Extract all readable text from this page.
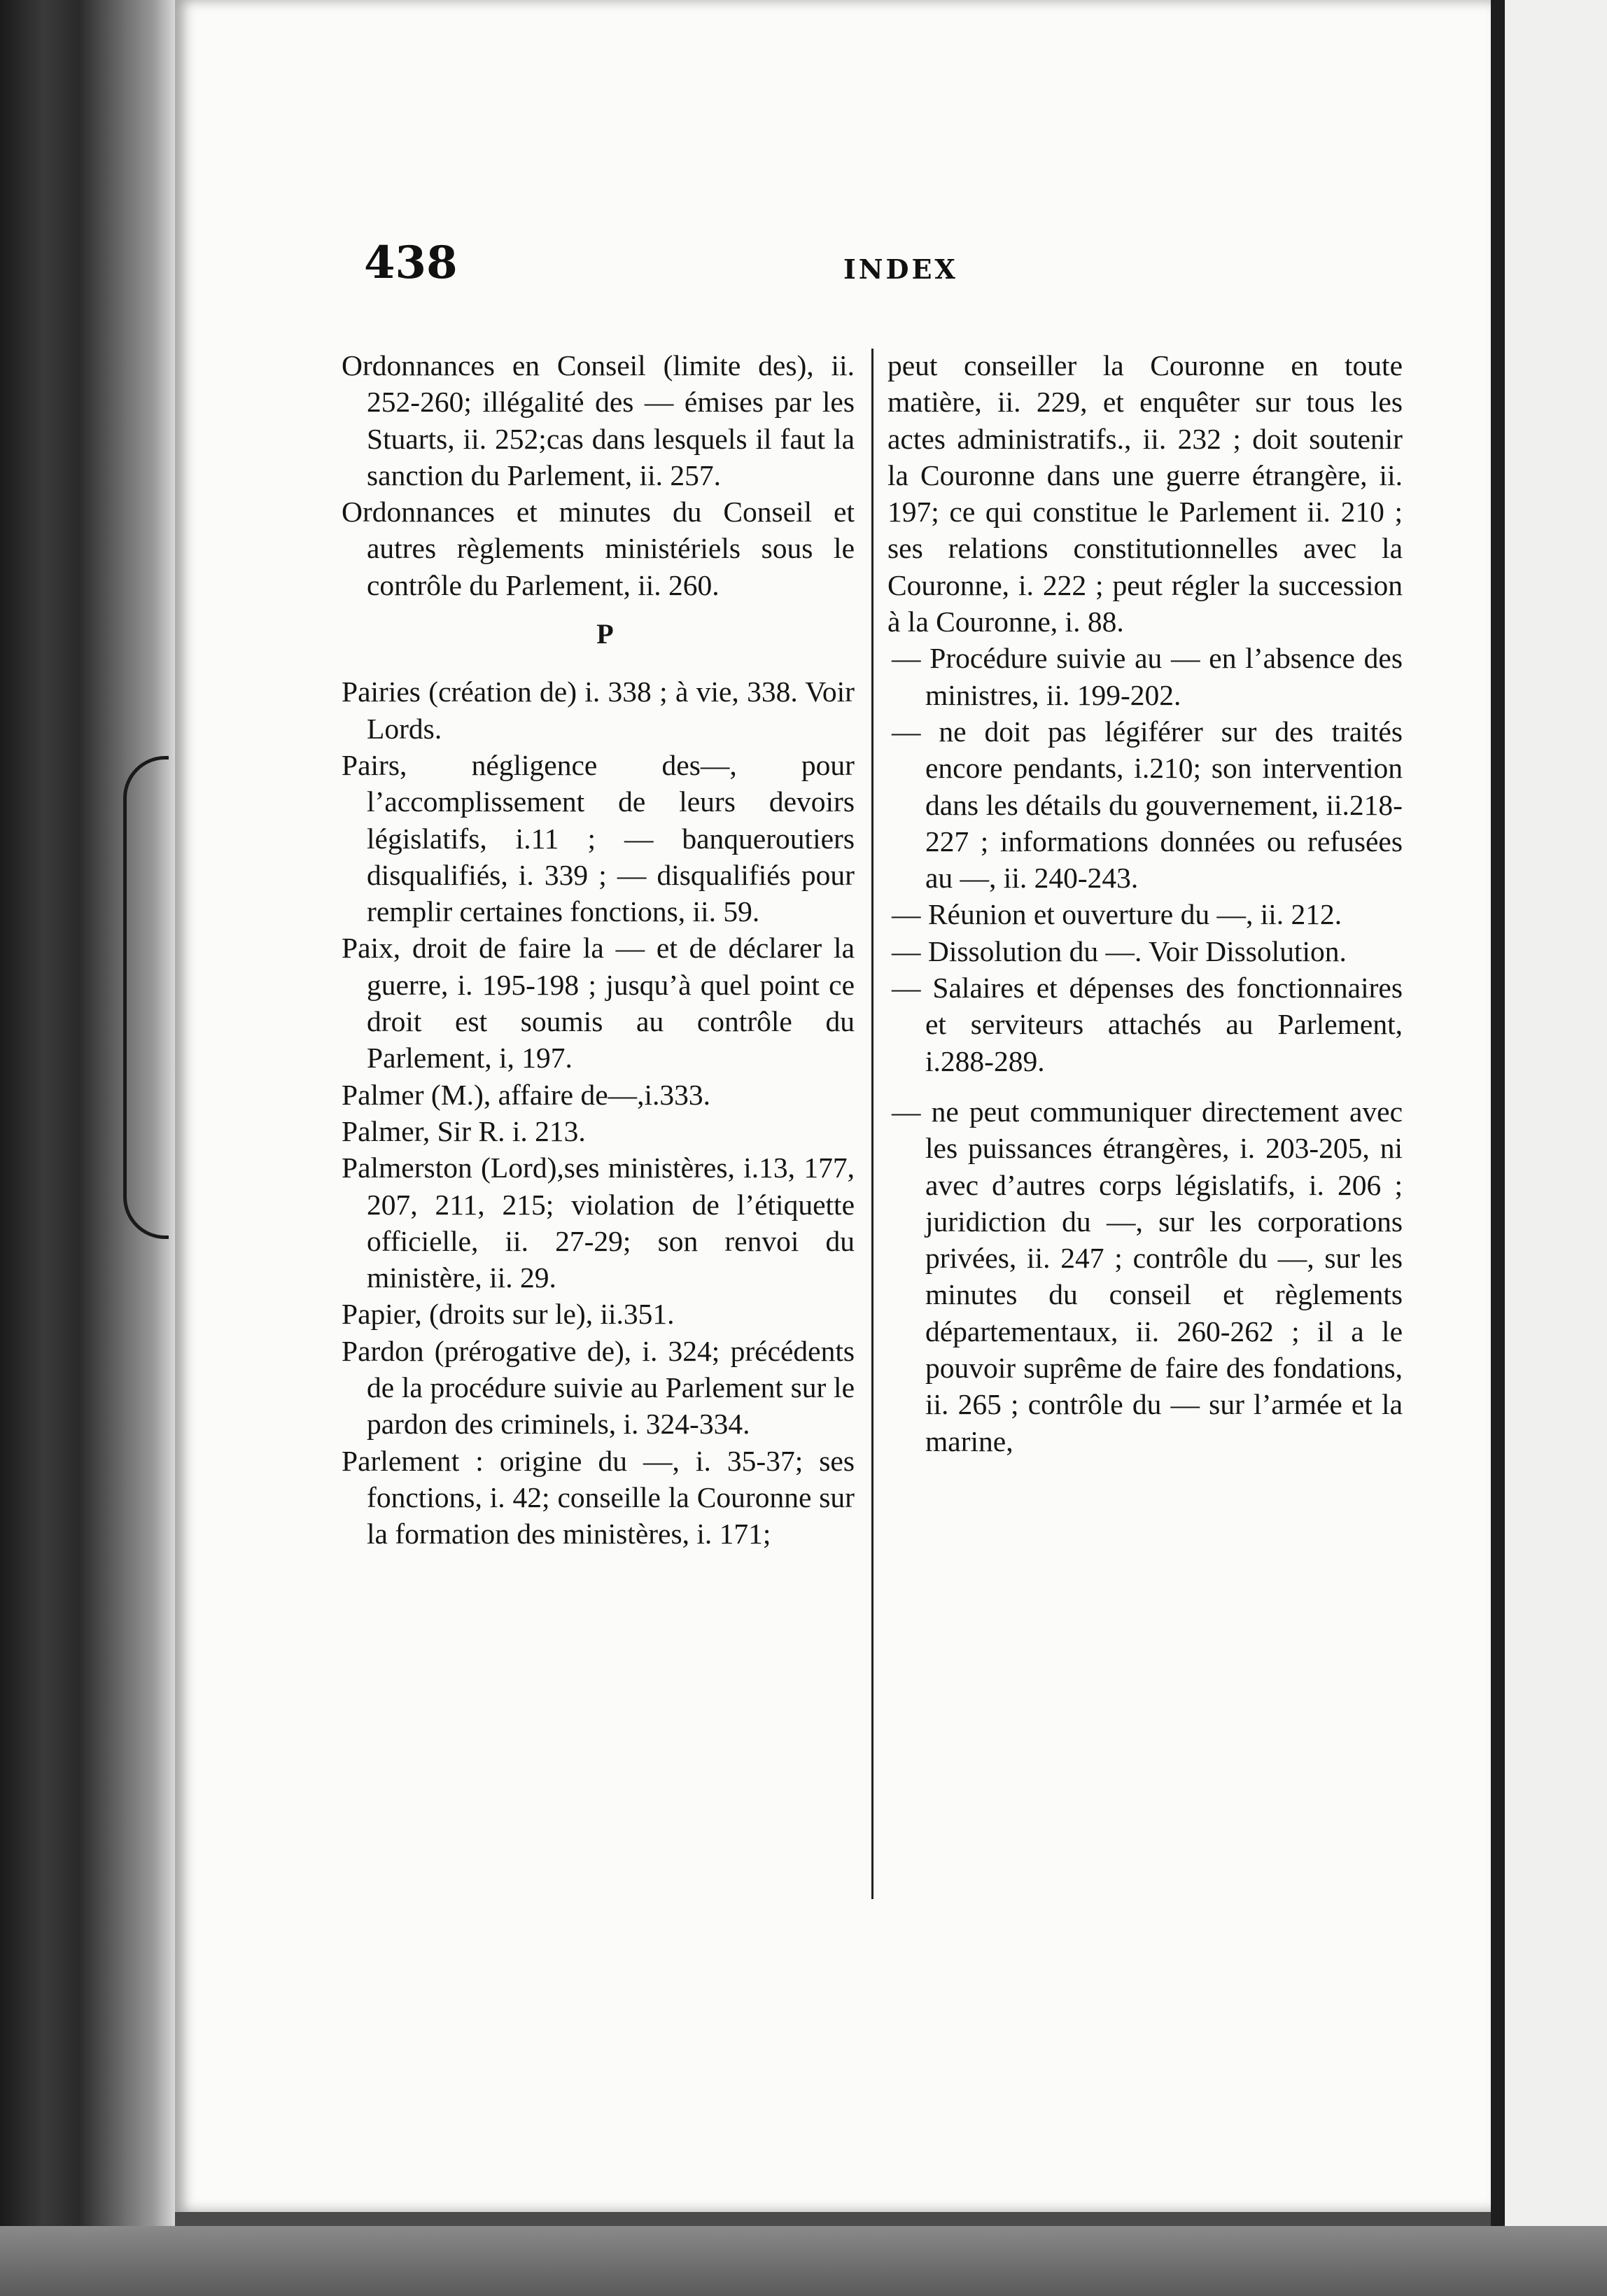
438	INDEX

Ordonnances en Conseil (limite des), ii. 252-260; illégalité des — émises par les Stuarts, ii. 252;cas dans lesquels il faut la sanction du Parlement, ii. 257.

Ordonnances et minutes du Conseil et autres règlements ministériels sous le contrôle du Parlement, ii. 260.

P

Pairies (création de) i. 338 ; à vie, 338. Voir Lords.

Pairs, négligence des—, pour l’accomplissement de leurs devoirs législatifs, i.11 ; — banqueroutiers disqualifiés, i. 339 ; — disqualifiés pour remplir certaines fonctions, ii. 59.

Paix, droit de faire la — et de déclarer la guerre, i. 195-198 ; jusqu’à quel point ce droit est soumis au contrôle du Parlement, i, 197.

Palmer (M.), affaire de—,i.333.

Palmer, Sir R. i. 213.

Palmerston (Lord),ses ministères, i.13, 177, 207, 211, 215; violation de l’étiquette officielle, ii. 27-29; son renvoi du ministère, ii. 29.

Papier, (droits sur le), ii.351.

Pardon (prérogative de), i. 324; précédents de la procédure suivie au Parlement sur le pardon des criminels, i. 324-334.

Parlement : origine du —, i. 35-37; ses fonctions, i. 42; conseille la Couronne sur la formation des ministères, i. 171;

peut conseiller la Couronne en toute matière, ii. 229, et enquêter sur tous les actes administratifs., ii. 232 ; doit soutenir la Couronne dans une guerre étrangère, ii. 197; ce qui constitue le Parlement ii. 210 ; ses relations constitutionnelles avec la Couronne, i. 222 ; peut régler la succession à la Couronne, i. 88.

— Procédure suivie au — en l’absence des ministres, ii. 199-202.

— ne doit pas légiférer sur des traités encore pendants, i.210; son intervention dans les détails du gouvernement, ii.218-227 ; informations données ou refusées au —, ii. 240-243.

— Réunion et ouverture du —, ii. 212.

— Dissolution du —. Voir Dissolution.

— Salaires et dépenses des fonctionnaires et serviteurs attachés au Parlement, i.288-289.

— ne peut communiquer directement avec les puissances étrangères, i. 203-205, ni avec d’autres corps législatifs, i. 206 ; juridiction du —, sur les corporations privées, ii. 247 ; contrôle du —, sur les minutes du conseil et règlements départementaux, ii. 260-262 ; il a le pouvoir suprême de faire des fondations, ii. 265 ; contrôle du — sur l’armée et la marine,
